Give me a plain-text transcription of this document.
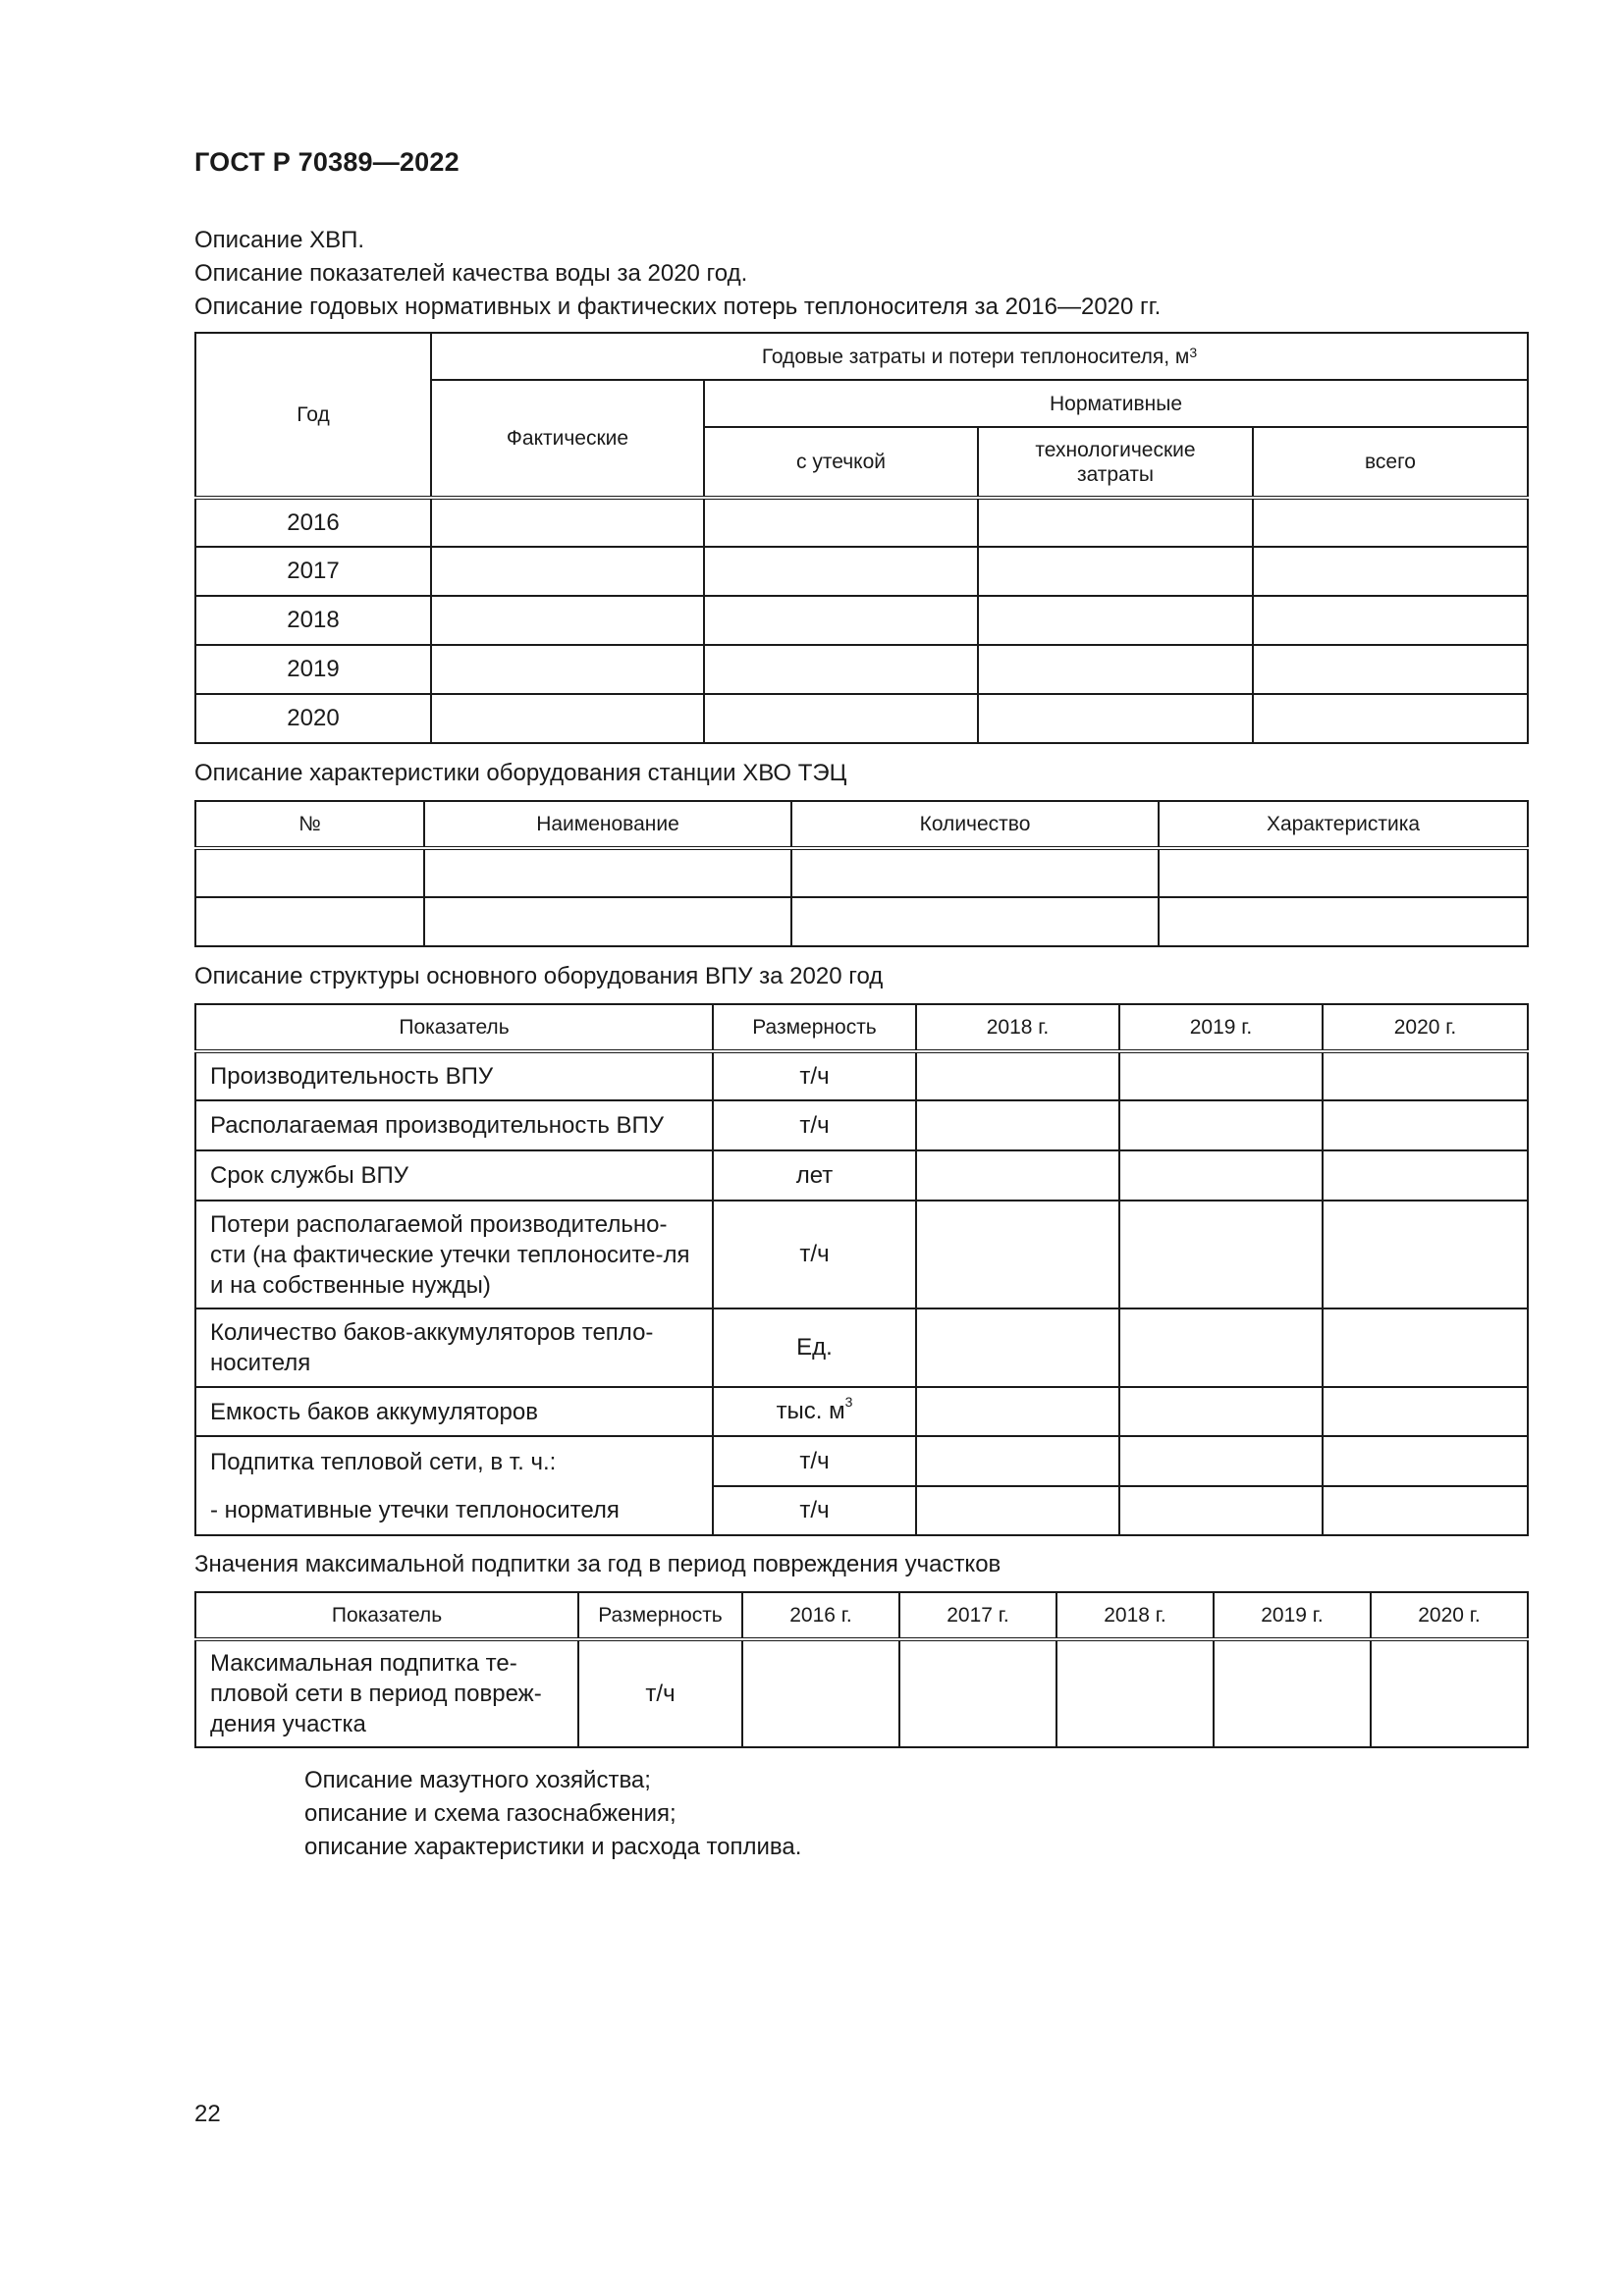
ГОСТ Р 70389—2022
Описание ХВП.
Описание показателей качества воды за 2020 год.
Описание годовых нормативных и фактических потерь теплоносителя за 2016—2020 гг.
Год	Годовые затраты и потери теплоносителя, $м^3$
	Фактические	Нормативные		
		с утечкой	технологические затраты	всего
2016				
2017				
2018				
2019				
2020				
Описание характеристики оборудования станции ХВО ТЭЦ
№	Наименование	Количество	Характеристика

Описание структуры основного оборудования ВПУ за 2020 год
Показатель	Размерность	2018 г.	2019 г.	2020 г.
Производительность ВПУ	т/ч			
Располагаемая производительность ВПУ	т/ч			
Срок службы ВПУ	лет			
Потери располагаемой производительно-сти (на фактические утечки теплоносите-ля и на собственные нужды)	т/ч			
Количество баков-аккумуляторов тепло-носителя	Ед.			
Емкость баков аккумуляторов	тыс. $м^3$			
Подпитка тепловой сети, в т. ч.:	т/ч			
- нормативные утечки теплоносителя	т/ч			
Значения максимальной подпитки за год в период повреждения участков
Показатель	Размерность	2016 г.	2017 г.	2018 г.	2019 г.	2020 г.
Максимальная подпитка те-пловой сети в период повреж-дения участка	т/ч					
Описание мазутного хозяйства;
описание и схема газоснабжения;
описание характеристики и расхода топлива.
22
